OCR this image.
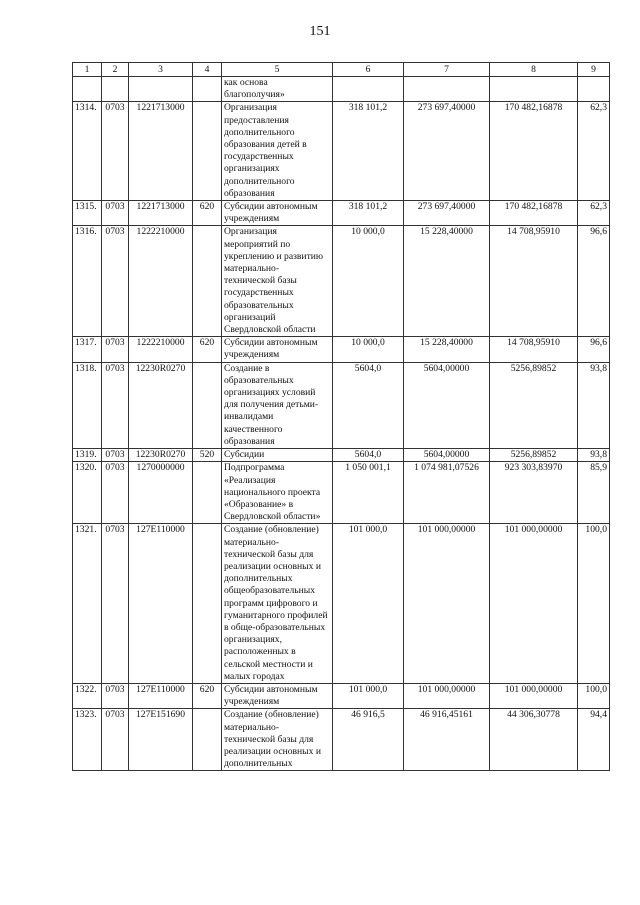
151
1	2	3	4	5	6	7	8	9
				как основа благополучия»				
1314.	0703	1221713000		Организация предоставления дополнительного образования детей в государственных организациях дополнительного образования	318 101,2	273 697,40000	170 482,16878	62,3
1315.	0703	1221713000	620	Субсидии автономным учреждениям	318 101,2	273 697,40000	170 482,16878	62,3
1316.	0703	1222210000		Организация мероприятий по укреплению и развитию материально-технической базы государственных образовательных организаций Свердловской области	10 000,0	15 228,40000	14 708,95910	96,6
1317.	0703	1222210000	620	Субсидии автономным учреждениям	10 000,0	15 228,40000	14 708,95910	96,6
1318.	0703	12230R0270		Создание в образовательных организациях условий для получения детьми-инвалидами качественного образования	5604,0	5604,00000	5256,89852	93,8
1319.	0703	12230R0270	520	Субсидии	5604,0	5604,00000	5256,89852	93,8
1320.	0703	1270000000		Подпрограмма «Реализация национального проекта «Образование» в Свердловской области»	1 050 001,1	1 074 981,07526	923 303,83970	85,9
1321.	0703	127E110000		Создание (обновление) материально-технической базы для реализации основных и дополнительных общеобразовательных программ цифрового и гуманитарного профилей в обще-образовательных организациях, расположенных в сельской местности и малых городах	101 000,0	101 000,00000	101 000,00000	100,0
1322.	0703	127E110000	620	Субсидии автономным учреждениям	101 000,0	101 000,00000	101 000,00000	100,0
1323.	0703	127E151690		Создание (обновление) материально-технической базы для реализации основных и дополнительных	46 916,5	46 916,45161	44 306,30778	94,4
